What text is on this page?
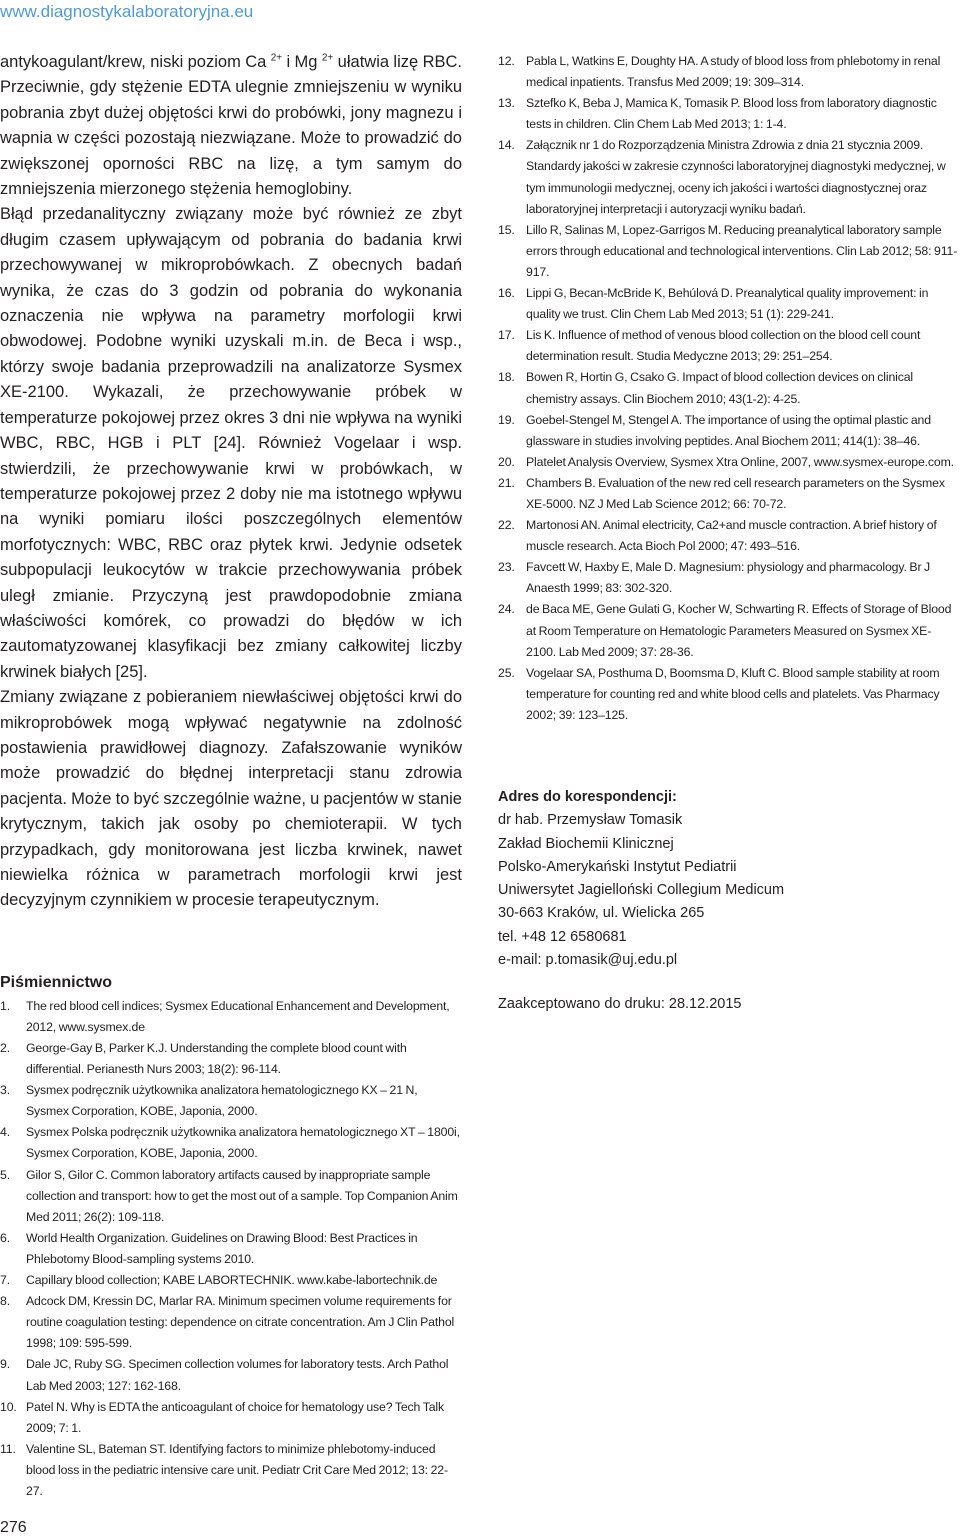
www.diagnostykalaboratoryjna.eu

antykoagulant/krew, niski poziom Ca $^{2+}$ i Mg $^{2+}$ ułatwia lizę RBC. Przeciwnie, gdy stężenie EDTA ulegnie zmniejszeniu w wyniku pobrania zbyt dużej objętości krwi do probówki, jony magnezu i wapnia w części pozostają niezwiązane. Może to prowadzić do zwiększonej oporności RBC na lizę, a tym samym do zmniejszenia mierzonego stężenia hemoglobiny.

Błąd przedanalityczny związany może być również ze zbyt długim czasem upływającym od pobrania do badania krwi przechowywanej w mikroprobówkach. Z obecnych badań wynika, że czas do 3 godzin od pobrania do wykonania oznaczenia nie wpływa na parametry morfologii krwi obwodowej. Podobne wyniki uzyskali m.in. de Beca i wsp., którzy swoje badania przeprowadzili na analizatorze Sysmex XE-2100. Wykazali, że przechowywanie próbek w temperaturze pokojowej przez okres 3 dni nie wpływa na wyniki WBC, RBC, HGB i PLT [24]. Również Vogelaar i wsp. stwierdzili, że przechowywanie krwi w probówkach, w temperaturze pokojowej przez 2 doby nie ma istotnego wpływu na wyniki pomiaru ilości poszczególnych elementów morfotycznych: WBC, RBC oraz płytek krwi. Jedynie odsetek subpopulacji leukocytów w trakcie przechowywania próbek uległ zmianie. Przyczyną jest prawdopodobnie zmiana właściwości komórek, co prowadzi do błędów w ich zautomatyzowanej klasyfikacji bez zmiany całkowitej liczby krwinek białych [25].

Zmiany związane z pobieraniem niewłaściwej objętości krwi do mikroprobówek mogą wpływać negatywnie na zdolność postawienia prawidłowej diagnozy. Zafałszowanie wyników może prowadzić do błędnej interpretacji stanu zdrowia pacjenta. Może to być szczególnie ważne, u pacjentów w stanie krytycznym, takich jak osoby po chemioterapii. W tych przypadkach, gdy monitorowana jest liczba krwinek, nawet niewielka różnica w parametrach morfologii krwi jest decyzyjnym czynnikiem w procesie terapeutycznym.

Piśmiennictwo
1.	The red blood cell indices; Sysmex Educational Enhancement and Development, 2012, www.sysmex.de
2.	George-Gay B, Parker K.J. Understanding the complete blood count with differential. Perianesth Nurs 2003; 18(2): 96-114.
3.	Sysmex podręcznik użytkownika analizatora hematologicznego KX – 21 N, Sysmex Corporation, KOBE, Japonia, 2000.
4.	Sysmex Polska podręcznik użytkownika analizatora hematologicznego XT – 1800i, Sysmex Corporation, KOBE, Japonia, 2000.
5.	Gilor S, Gilor C. Common laboratory artifacts caused by inappropriate sample collection and transport: how to get the most out of a sample. Top Companion Anim Med 2011; 26(2): 109-118.
6.	World Health Organization. Guidelines on Drawing Blood: Best Practices in Phlebotomy Blood-sampling systems 2010.
7.	Capillary blood collection; KABE LABORTECHNIK. www.kabe-labortechnik.de
8.	Adcock DM, Kressin DC, Marlar RA. Minimum specimen volume requirements for routine coagulation testing: dependence on citrate concentration. Am J Clin Pathol 1998; 109: 595-599.
9.	Dale JC, Ruby SG. Specimen collection volumes for laboratory tests. Arch Pathol Lab Med 2003; 127: 162-168.
10. Patel N. Why is EDTA the anticoagulant of choice for hematology use? Tech Talk 2009; 7: 1.
11. Valentine SL, Bateman ST. Identifying factors to minimize phlebotomy-induced blood loss in the pediatric intensive care unit. Pediatr Crit Care Med 2012; 13: 22-27.
12. Pabla L, Watkins E, Doughty HA. A study of blood loss from phlebotomy in renal medical inpatients. Transfus Med 2009; 19: 309–314.
13. Sztefko K, Beba J, Mamica K, Tomasik P. Blood loss from laboratory diagnostic tests in children. Clin Chem Lab Med 2013; 1: 1-4.
14. Załącznik nr 1 do Rozporządzenia Ministra Zdrowia z dnia 21 stycznia 2009. Standardy jakości w zakresie czynności laboratoryjnej diagnostyki medycznej, w tym immunologii medycznej, oceny ich jakości i wartości diagnostycznej oraz laboratoryjnej interpretacji i autoryzacji wyniku badań.
15. Lillo R, Salinas M, Lopez-Garrigos M. Reducing preanalytical laboratory sample errors through educational and technological interventions. Clin Lab 2012; 58: 911-917.
16. Lippi G, Becan-McBride K, Behúlová D. Preanalytical quality improvement: in quality we trust. Clin Chem Lab Med 2013; 51 (1): 229-241.
17. Lis K. Influence of method of venous blood collection on the blood cell count determination result. Studia Medyczne 2013; 29: 251–254.
18. Bowen R, Hortin G, Csako G. Impact of blood collection devices on clinical chemistry assays. Clin Biochem 2010; 43(1-2): 4-25.
19. Goebel-Stengel M, Stengel A. The importance of using the optimal plastic and glassware in studies involving peptides. Anal Biochem 2011; 414(1): 38–46.
20. Platelet Analysis Overview, Sysmex Xtra Online, 2007, www.sysmex-europe.com.
21. Chambers B. Evaluation of the new red cell research parameters on the Sysmex XE-5000. NZ J Med Lab Science 2012; 66: 70-72.
22. Martonosi AN. Animal electricity, Ca2+and muscle contraction. A brief history of muscle research. Acta Bioch Pol 2000; 47: 493–516.
23. Favcett W, Haxby E, Male D. Magnesium: physiology and pharmacology. Br J Anaesth 1999; 83: 302-320.
24. de Baca ME, Gene Gulati G, Kocher W, Schwarting R. Effects of Storage of Blood at Room Temperature on Hematologic Parameters Measured on Sysmex XE-2100. Lab Med 2009; 37: 28-36.
25. Vogelaar SA, Posthuma D, Boomsma D, Kluft C. Blood sample stability at room temperature for counting red and white blood cells and platelets. Vas Pharmacy 2002; 39: 123–125.
Adres do korespondencji:
dr hab. Przemysław Tomasik
Zakład Biochemii Klinicznej
Polsko-Amerykański Instytut Pediatrii
Uniwersytet Jagielloński Collegium Medicum
30-663 Kraków, ul. Wielicka 265
tel. +48 12 6580681
e-mail: p.tomasik@uj.edu.pl
Zaakceptowano do druku: 28.12.2015
276
